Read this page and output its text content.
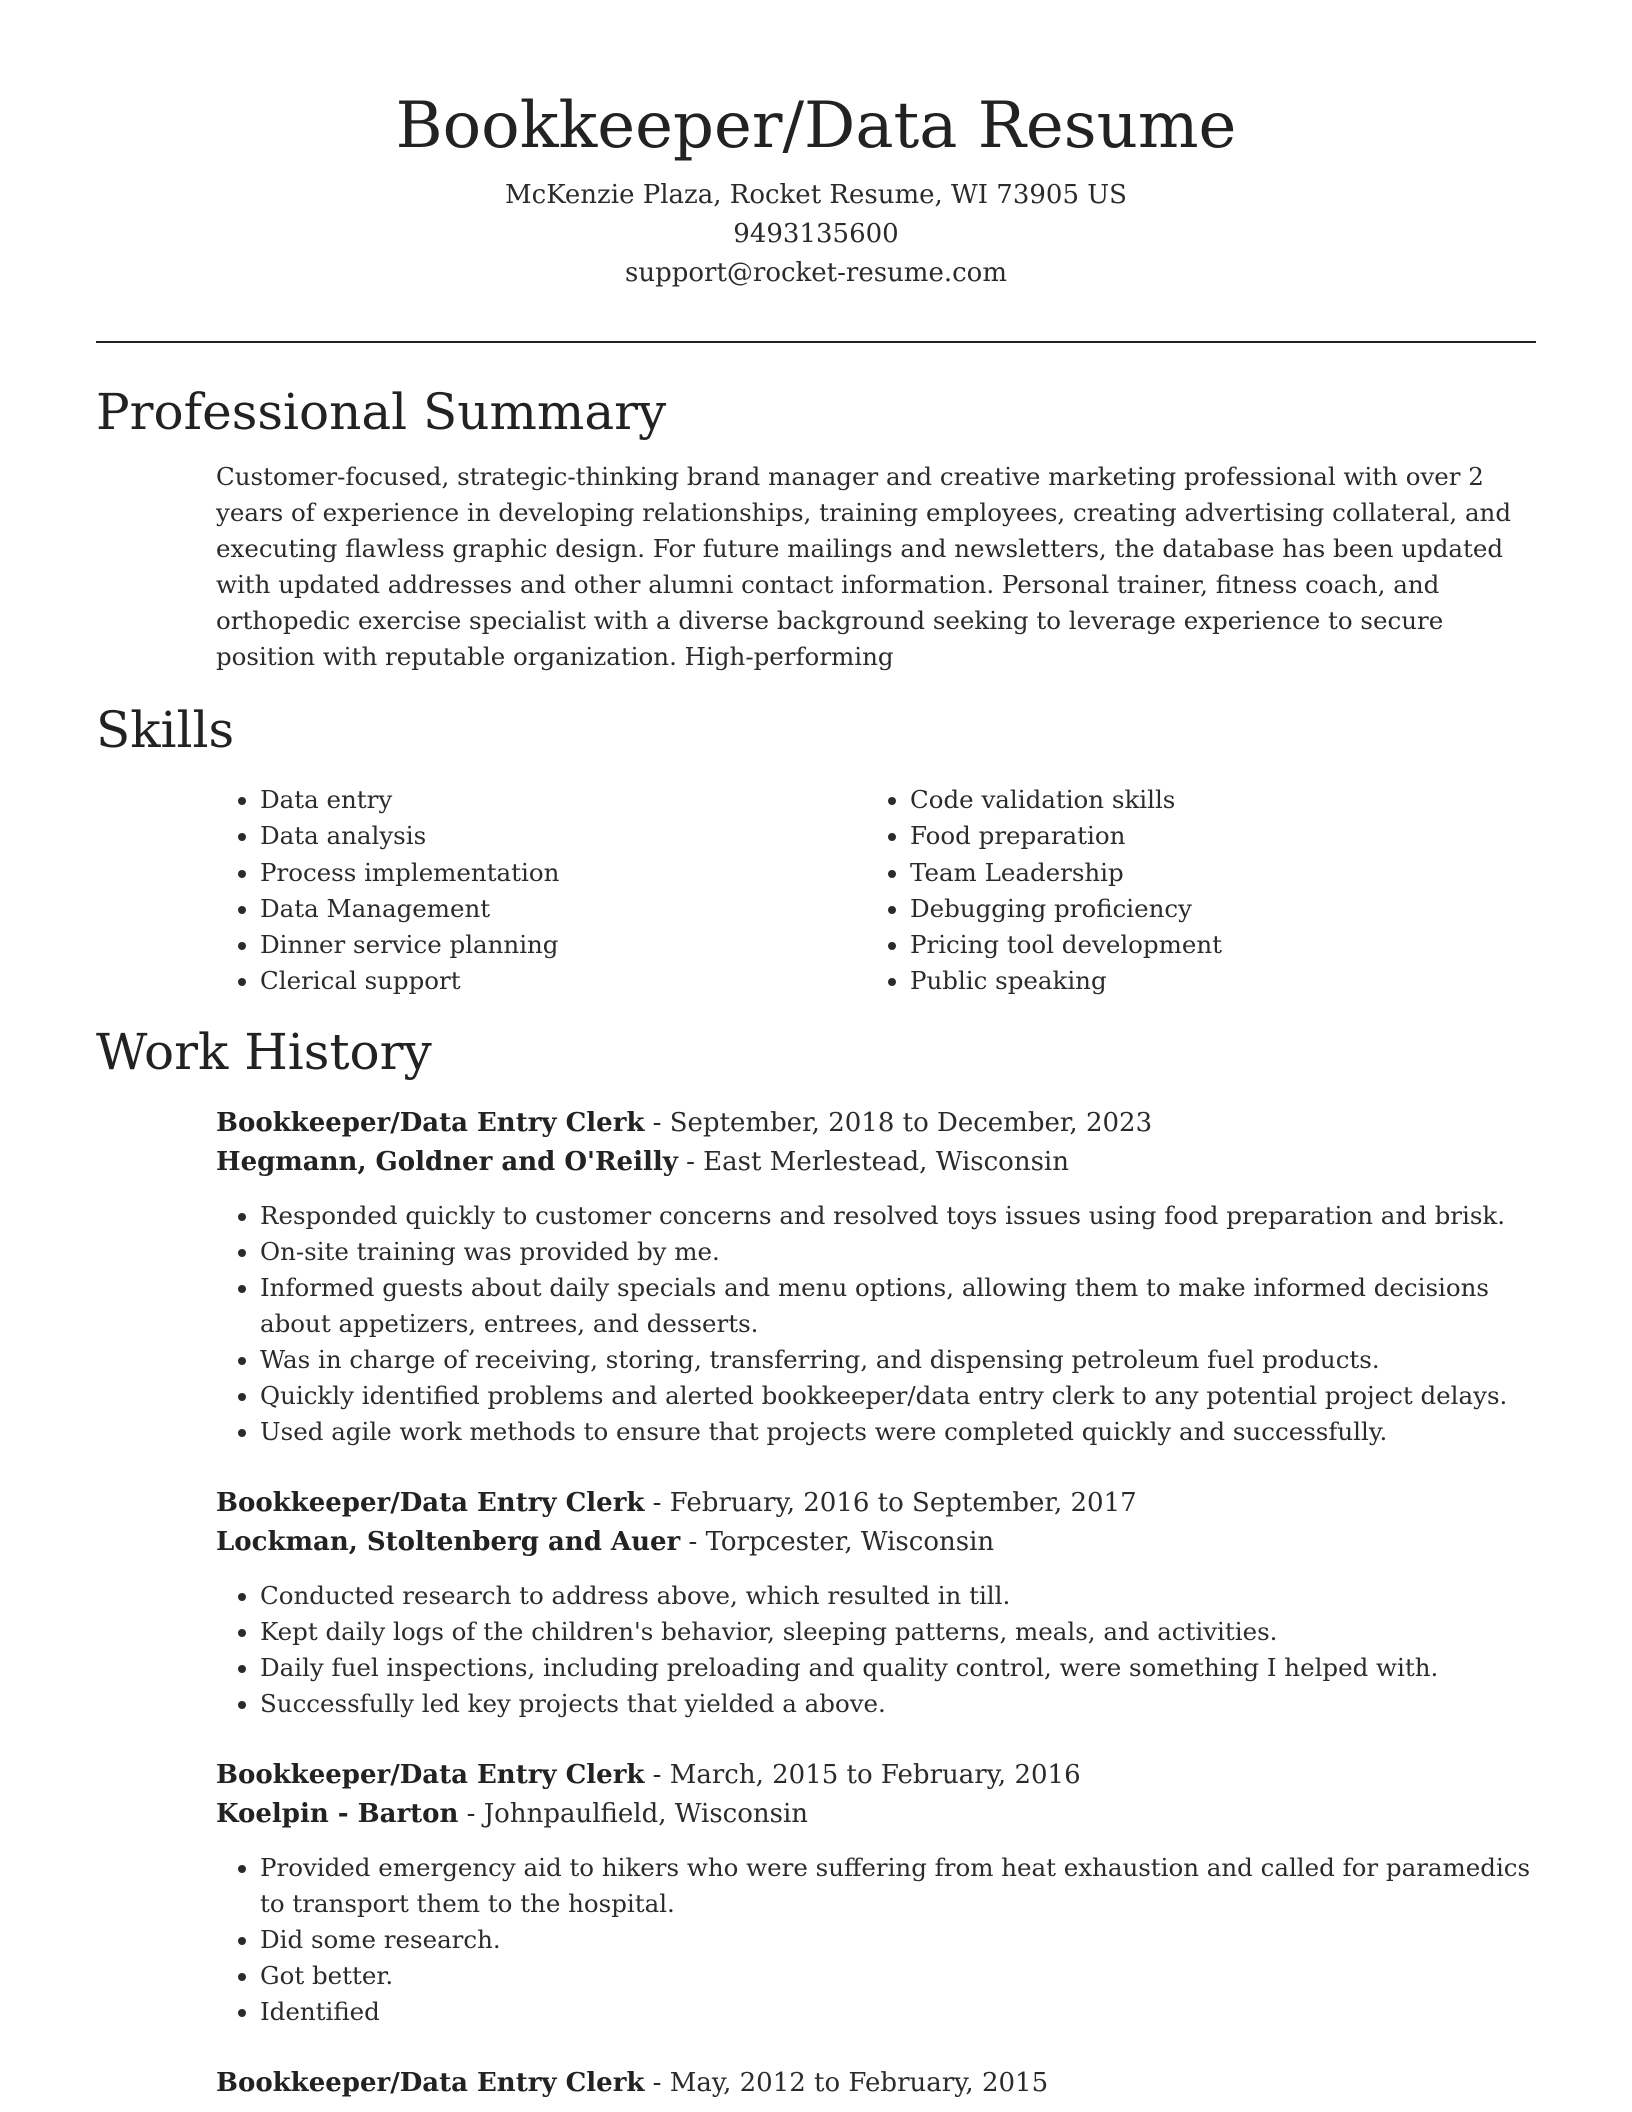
Bookkeeper/Data Resume
McKenzie Plaza, Rocket Resume, WI 73905 US
9493135600
support@rocket-resume.com
Professional Summary
Customer-focused, strategic-thinking brand manager and creative marketing professional with over 2 years of experience in developing relationships, training employees, creating advertising collateral, and executing flawless graphic design. For future mailings and newsletters, the database has been updated with updated addresses and other alumni contact information. Personal trainer, fitness coach, and orthopedic exercise specialist with a diverse background seeking to leverage experience to secure position with reputable organization. High-performing
Skills
• Data entry
• Data analysis
• Process implementation
• Data Management
• Dinner service planning
• Clerical support
• Code validation skills
• Food preparation
• Team Leadership
• Debugging proficiency
• Pricing tool development
• Public speaking
Work History
Bookkeeper/Data Entry Clerk - September, 2018 to December, 2023
Hegmann, Goldner and O'Reilly - East Merlestead, Wisconsin
• Responded quickly to customer concerns and resolved toys issues using food preparation and brisk.
• On-site training was provided by me.
• Informed guests about daily specials and menu options, allowing them to make informed decisions about appetizers, entrees, and desserts.
• Was in charge of receiving, storing, transferring, and dispensing petroleum fuel products.
• Quickly identified problems and alerted bookkeeper/data entry clerk to any potential project delays.
• Used agile work methods to ensure that projects were completed quickly and successfully.
Bookkeeper/Data Entry Clerk - February, 2016 to September, 2017
Lockman, Stoltenberg and Auer - Torpcester, Wisconsin
• Conducted research to address above, which resulted in till.
• Kept daily logs of the children's behavior, sleeping patterns, meals, and activities.
• Daily fuel inspections, including preloading and quality control, were something I helped with.
• Successfully led key projects that yielded a above.
Bookkeeper/Data Entry Clerk - March, 2015 to February, 2016
Koelpin - Barton - Johnpaulfield, Wisconsin
• Provided emergency aid to hikers who were suffering from heat exhaustion and called for paramedics to transport them to the hospital.
• Did some research.
• Got better.
• Identified
Bookkeeper/Data Entry Clerk - May, 2012 to February, 2015
